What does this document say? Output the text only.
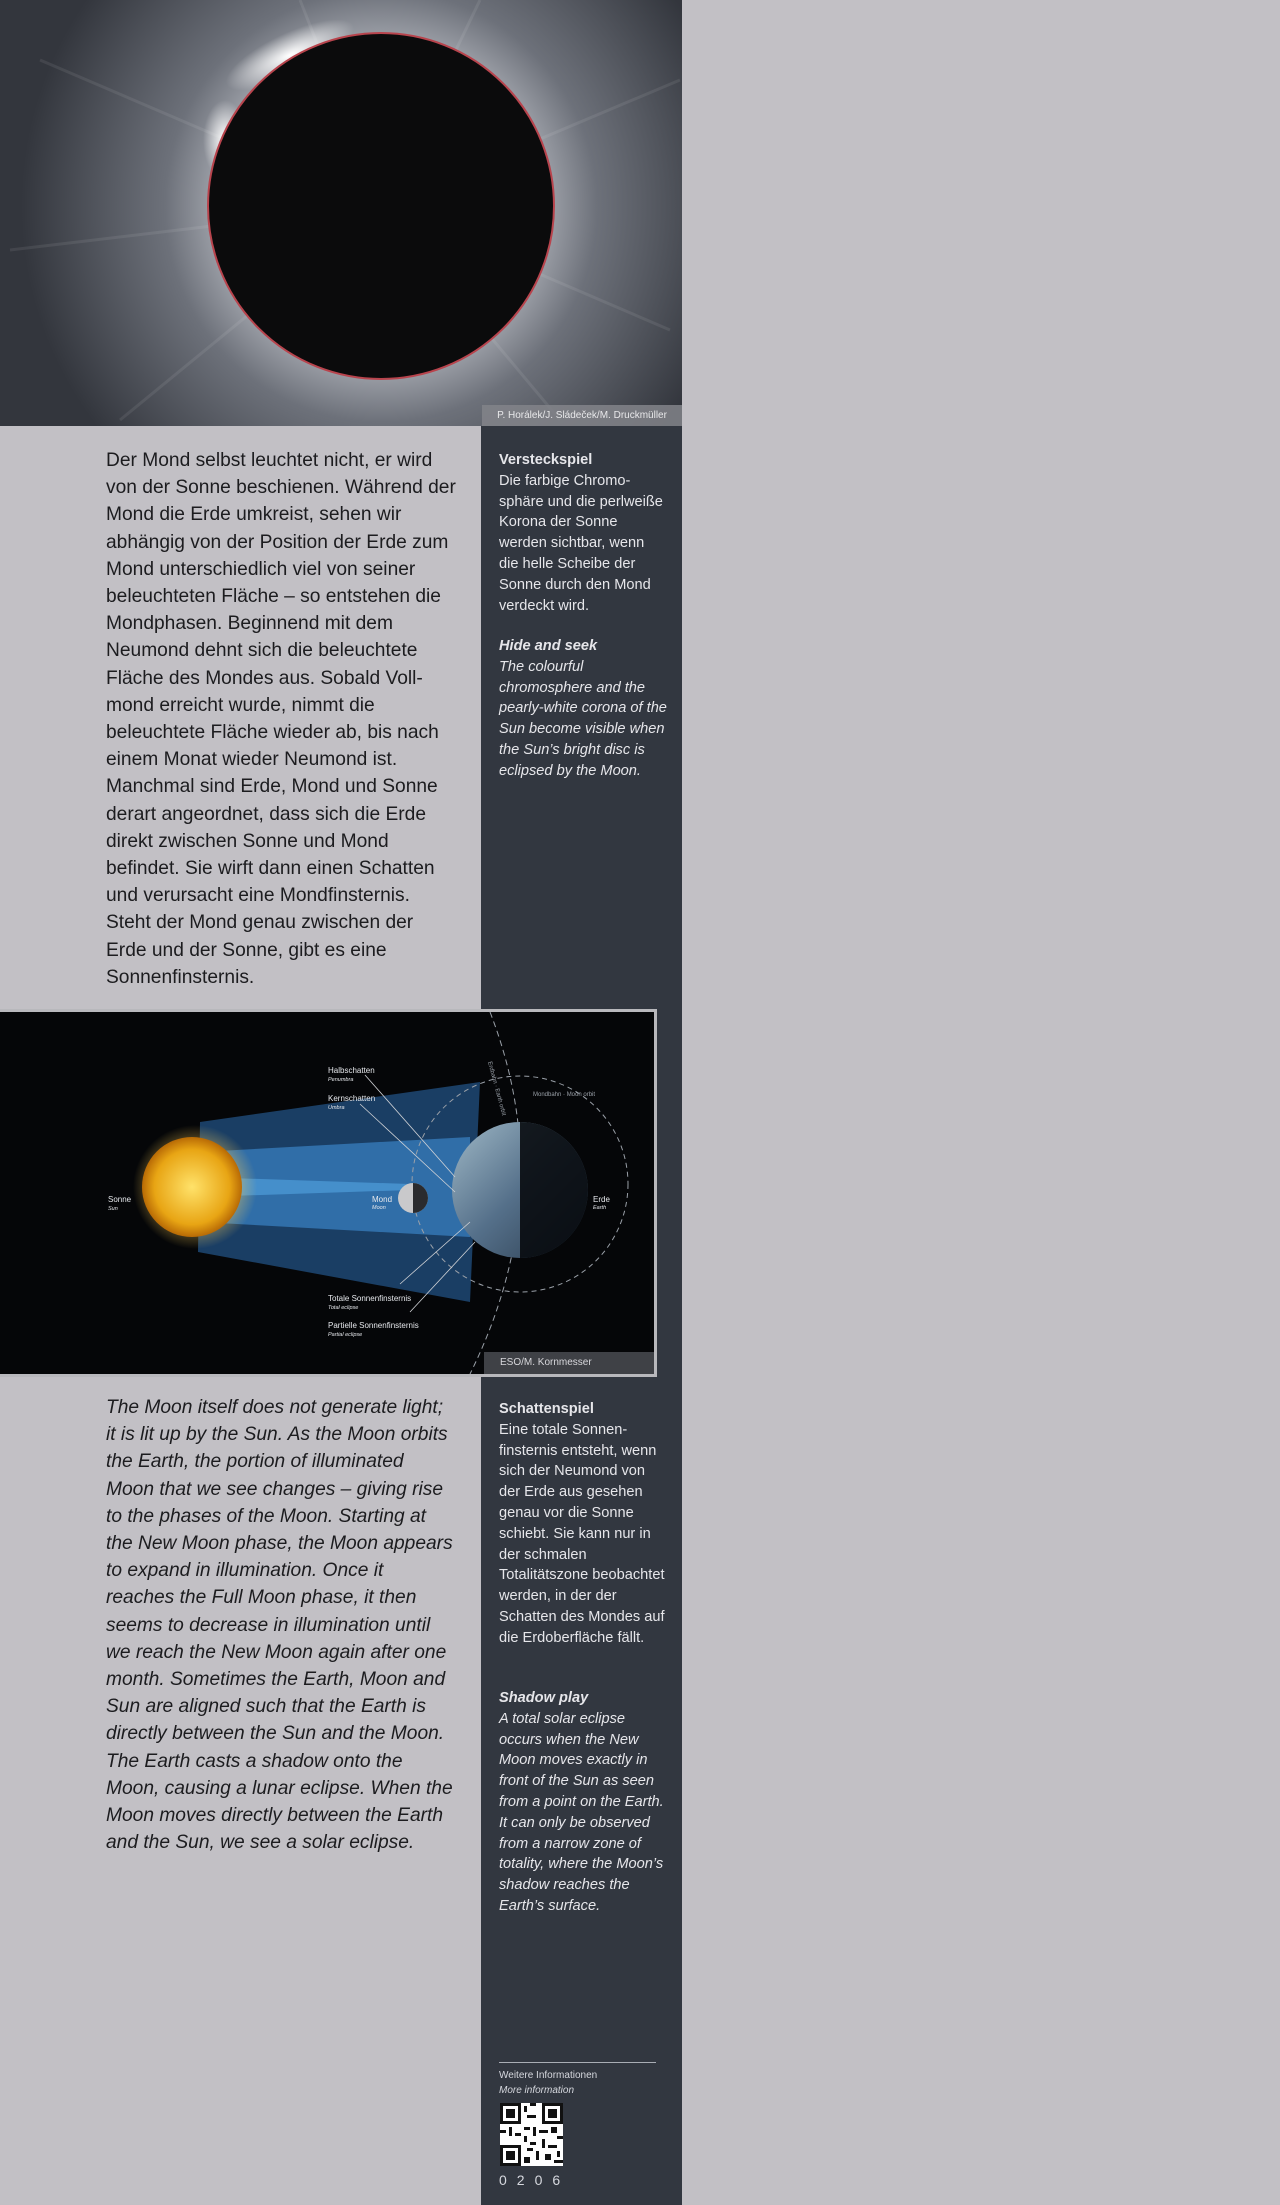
P. Horálek/J. Sládeček/M. Druckmüller
Der Mond selbst leuchtet nicht, er wird von der Sonne beschienen. Während der Mond die Erde umkreist, sehen wir abhängig von der Position der Erde zum Mond unterschiedlich viel von seiner beleuchteten Fläche – so entstehen die Mondphasen. Beginnend mit dem Neumond dehnt sich die beleuchtete Fläche des Mondes aus. Sobald Vollmond erreicht wurde, nimmt die beleuchtete Fläche wieder ab, bis nach einem Monat wieder Neumond ist. Manchmal sind Erde, Mond und Sonne derart angeordnet, dass sich die Erde direkt zwischen Sonne und Mond befindet. Sie wirft dann einen Schatten und verursacht eine Mondfinsternis. Steht der Mond genau zwischen der Erde und der Sonne, gibt es eine Sonnenfinsternis.
Versteckspiel
Die farbige Chromosphäre und die perlweiße Korona der Sonne werden sichtbar, wenn die helle Scheibe der Sonne durch den Mond verdeckt wird.
Hide and seek
The colourful chromosphere and the pearly-white corona of the Sun become visible when the Sun’s bright disc is eclipsed by the Moon.
Halbschatten
Penumbra
Kernschatten
Umbra
Sonne
Sun
Mond
Moon
Erde
Earth
Mondbahn · Moon orbit
Totale Sonnenfinsternis
Total eclipse
Partielle Sonnenfinsternis
Partial eclipse
Erdbahn · Earth orbit
ESO/M. Kornmesser
The Moon itself does not generate light; it is lit up by the Sun. As the Moon orbits the Earth, the portion of illuminated Moon that we see changes – giving rise to the phases of the Moon. Starting at the New Moon phase, the Moon appears to expand in illumination. Once it reaches the Full Moon phase, it then seems to decrease in illumination until we reach the New Moon again after one month. Sometimes the Earth, Moon and Sun are aligned such that the Earth is directly between the Sun and the Moon. The Earth casts a shadow onto the Moon, causing a lunar eclipse. When the Moon moves directly between the Earth and the Sun, we see a solar eclipse.
Schattenspiel
Eine totale Sonnenfinsternis entsteht, wenn sich der Neumond von der Erde aus gesehen genau vor die Sonne schiebt. Sie kann nur in der schmalen Totalitätszone beobachtet werden, in der der Schatten des Mondes auf die Erdoberfläche fällt.
Shadow play
A total solar eclipse occurs when the New Moon moves exactly in front of the Sun as seen from a point on the Earth. It can only be observed from a narrow zone of totality, where the Moon’s shadow reaches the Earth’s surface.
Weitere Informationen
More information
0206
